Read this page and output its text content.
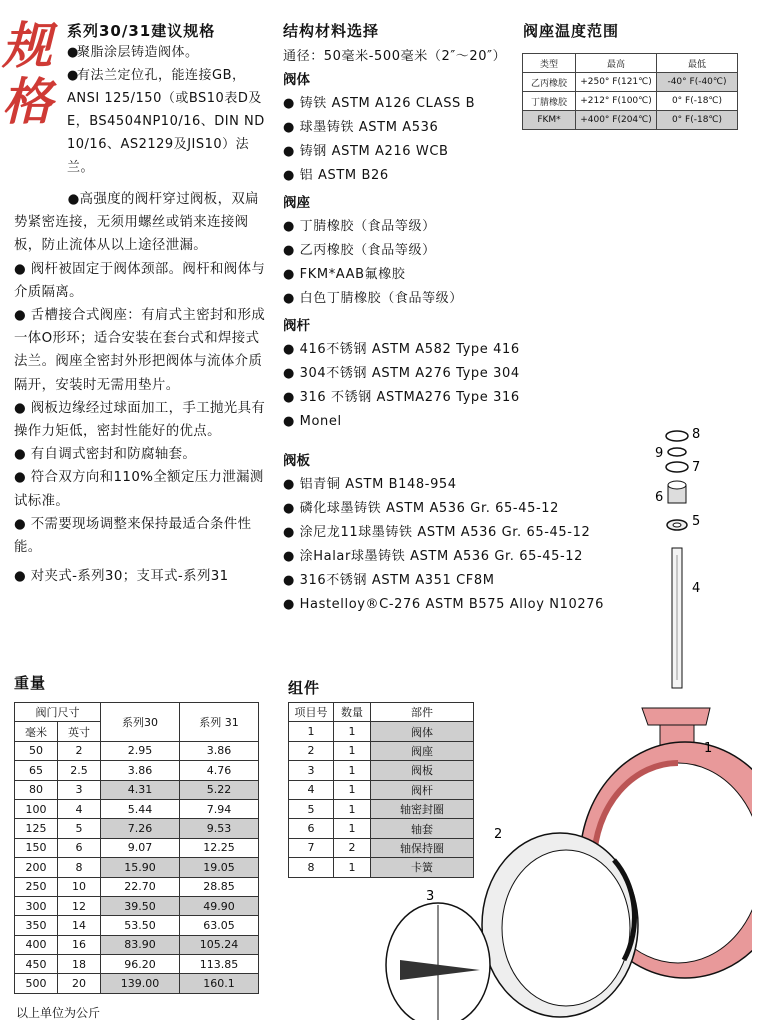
规
格
系列30/31建议规格
●聚脂涂层铸造阀体。
●有法兰定位孔，能连接GB，ANSI 125/150（或BS10表D及E，BS4504NP10/16、DIN ND 10/16、AS2129及JIS10）法兰。

●高强度的阀杆穿过阀板，双扁势紧密连接，无须用螺丝或销来连接阀板，防止流体从以上途径泄漏。

● 阀杆被固定于阀体颈部。阀杆和阀体与介质隔离。

● 舌槽接合式阀座：有肩式主密封和形成一体O形环；适合安装在套台式和焊接式法兰。阀座全密封外形把阀体与流体介质隔开，安装时无需用垫片。

● 阀板边缘经过球面加工，手工抛光具有操作力矩低，密封性能好的优点。

● 有自调式密封和防腐轴套。

● 符合双方向和110%全额定压力泄漏测试标准。

● 不需要现场调整来保持最适合条件性能。

● 对夹式-系列30；支耳式-系列31

结构材料选择
通径：50毫米-500毫米（2″～20″）
阀体
● 铸铁 ASTM A126 CLASS B
● 球墨铸铁 ASTM A536
● 铸钢 ASTM A216 WCB
● 铝 ASTM B26
阀座
● 丁腈橡胶（食品等级）
● 乙丙橡胶（食品等级）
● FKM*AAB氟橡胶
● 白色丁腈橡胶（食品等级）
阀杆
● 416不锈钢 ASTM A582 Type 416
● 304不锈钢 ASTM A276 Type 304
● 316 不锈钢 ASTMA276 Type 316
● Monel
阀板
● 铝青铜 ASTM B148-954
● 磷化球墨铸铁 ASTM A536 Gr. 65-45-12
● 涂尼龙11球墨铸铁 ASTM A536 Gr. 65-45-12
● 涂Halar球墨铸铁 ASTM A536 Gr. 65-45-12
● 316不锈钢 ASTM A351 CF8M
● Hastelloy®C-276 ASTM B575 Alloy N10276
阀座温度范围
类型	最高	最低
乙丙橡胶	+250° F(121℃)	-40° F(-40℃)
丁腈橡胶	+212° F(100℃)	0° F(-18℃)
FKM*	+400° F(204℃)	0° F(-18℃)
重量
阀门尺寸		系列30	系列 31
毫米	英寸		
50	2	2.95	3.86
65	2.5	3.86	4.76
80	3	4.31	5.22
100	4	5.44	7.94
125	5	7.26	9.53
150	6	9.07	12.25
200	8	15.90	19.05
250	10	22.70	28.85
300	12	39.50	49.90
350	14	53.50	63.05
400	16	83.90	105.24
450	18	96.20	113.85
500	20	139.00	160.1
以上单位为公斤
组件
项目号	数量	部件
1	1	阀体
2	1	阀座
3	1	阀板
4	1	阀杆
5	1	轴密封圈
6	1	轴套
7	2	轴保持圈
8	1	卡簧
8
9
7
6
5
4
1
2
3
